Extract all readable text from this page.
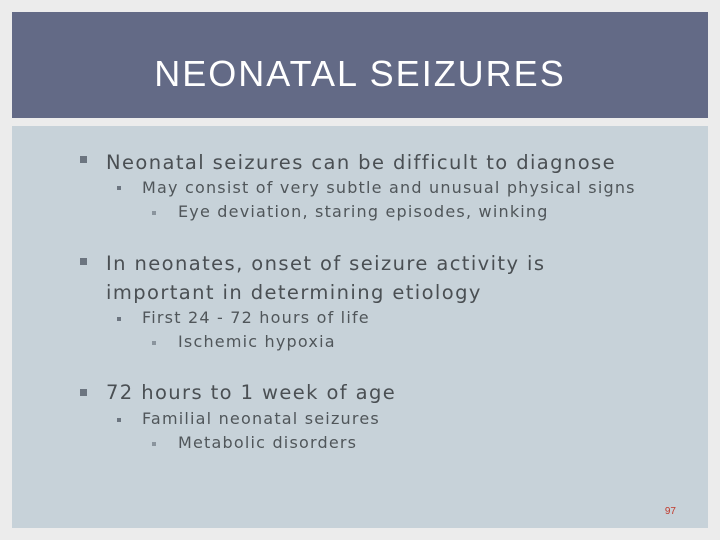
NEONATAL SEIZURES
Neonatal seizures can be difficult to diagnose
May consist of very subtle and unusual physical signs
Eye deviation, staring episodes, winking
In neonates, onset of seizure activity is
important in determining etiology
First 24 - 72 hours of life
Ischemic hypoxia
72 hours to 1 week of age
Familial neonatal seizures
Metabolic disorders
97
